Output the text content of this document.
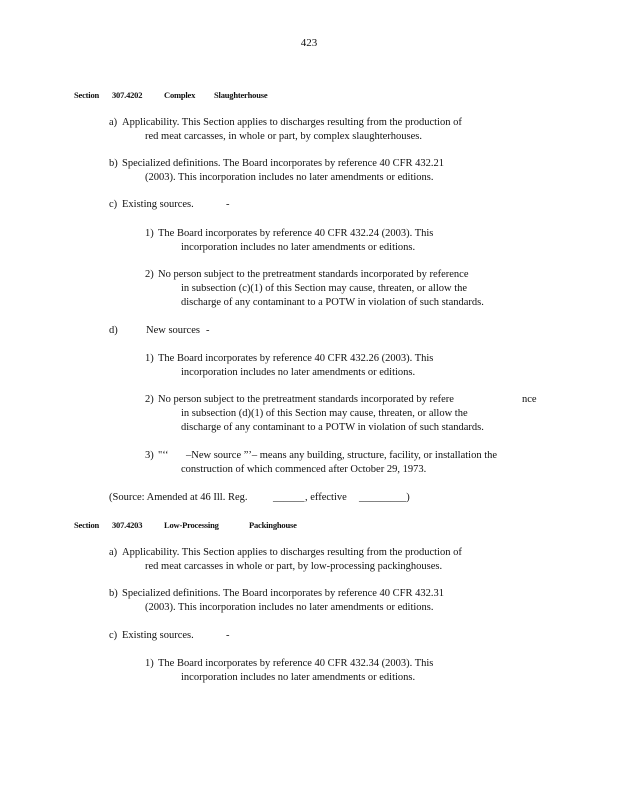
423
Section 307.4202	Complex Slaughterhouse
a) Applicability. This Section applies to discharges resulting from the production of
red meat carcasses, in whole or part, by complex slaughterhouses.
b) Specialized definitions. The Board incorporates by reference 40 CFR 432.21
(2003). This incorporation includes no later amendments or editions.
c) Existing sources.	-
1) The Board incorporates by reference 40 CFR 432.24 (2003). This
incorporation includes no later amendments or editions.
2) No person subject to the pretreatment standards incorporated by reference
in subsection (c)(1) of this Section may cause, threaten, or allow the
discharge of any contaminant to a POTW in violation of such standards.
d)	New sources -
1) The Board incorporates by reference 40 CFR 432.26 (2003). This
incorporation includes no later amendments or editions.
2) No person subject to the pretreatment standards incorporated by refere	nce
in subsection (d)(1) of this Section may cause, threaten, or allow the
discharge of any contaminant to a POTW in violation of such standards.
3) "‘‘ –New source ”’– means any building, structure, facility, or installation the
construction of which commenced after October 29, 1973.
(Source: Amended at 46 Ill. Reg. ______ , effective _________)
Section 307.4203	Low-Processing	Packinghouse
a) Applicability. This Section applies to discharges resulting from the production of
red meat carcasses in whole or part, by low-processing packinghouses.
b) Specialized definitions. The Board incorporates by reference 40 CFR 432.31
(2003). This incorporation includes no later amendments or editions.
c) Existing sources.	-
1) The Board incorporates by reference 40 CFR 432.34 (2003). This
incorporation includes no later amendments or editions.
